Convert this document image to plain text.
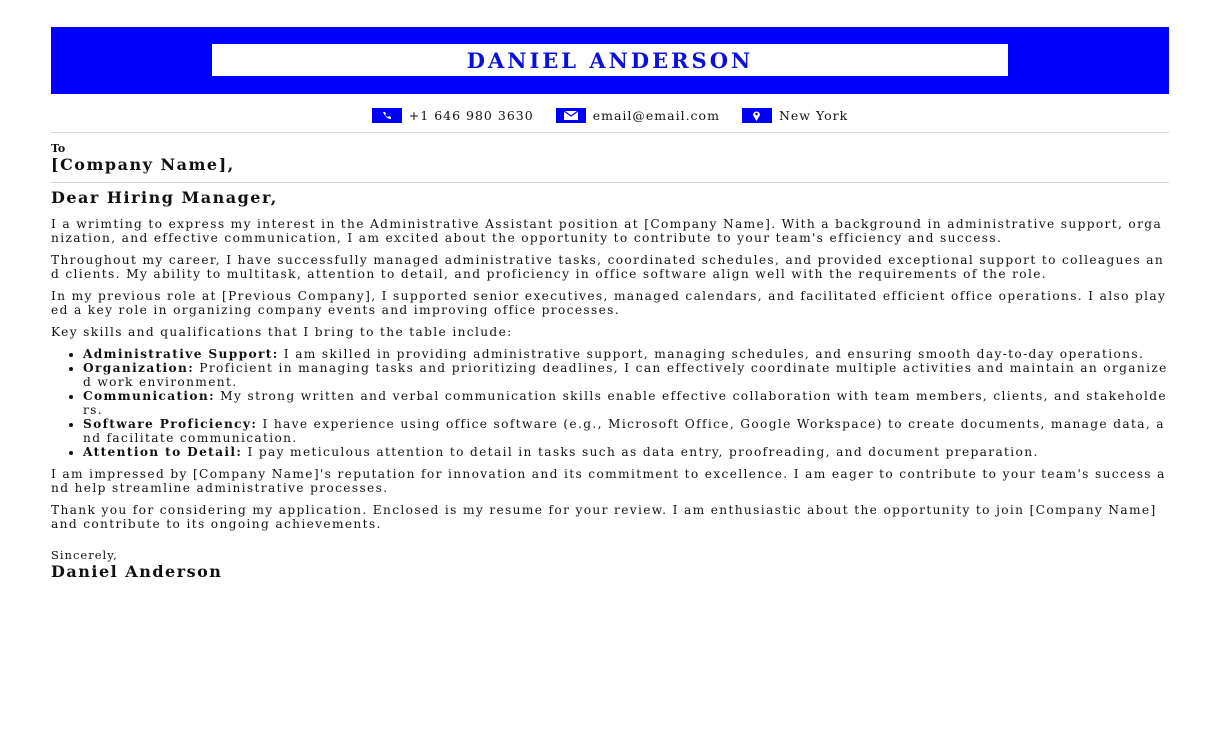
DANIEL ANDERSON
+1 646 980 3630	email@email.com	New York
To
[Company Name],
Dear Hiring Manager,

I a wrimting to express my interest in the Administrative Assistant position at [Company Name]. With a background in administrative support, organization, and effective communication, I am excited about the opportunity to contribute to your team's efficiency and success.

Throughout my career, I have successfully managed administrative tasks, coordinated schedules, and provided exceptional support to colleagues and clients. My ability to multitask, attention to detail, and proficiency in office software align well with the requirements of the role.

In my previous role at [Previous Company], I supported senior executives, managed calendars, and facilitated efficient office operations. I also played a key role in organizing company events and improving office processes.

Key skills and qualifications that I bring to the table include:

• Administrative Support: I am skilled in providing administrative support, managing schedules, and ensuring smooth day-to-day operations.
• Organization: Proficient in managing tasks and prioritizing deadlines, I can effectively coordinate multiple activities and maintain an organized work environment.
• Communication: My strong written and verbal communication skills enable effective collaboration with team members, clients, and stakeholders.
• Software Proficiency: I have experience using office software (e.g., Microsoft Office, Google Workspace) to create documents, manage data, and facilitate communication.
• Attention to Detail: I pay meticulous attention to detail in tasks such as data entry, proofreading, and document preparation.

I am impressed by [Company Name]'s reputation for innovation and its commitment to excellence. I am eager to contribute to your team's success and help streamline administrative processes.

Thank you for considering my application. Enclosed is my resume for your review. I am enthusiastic about the opportunity to join [Company Name] and contribute to its ongoing achievements.

Sincerely,
Daniel Anderson
